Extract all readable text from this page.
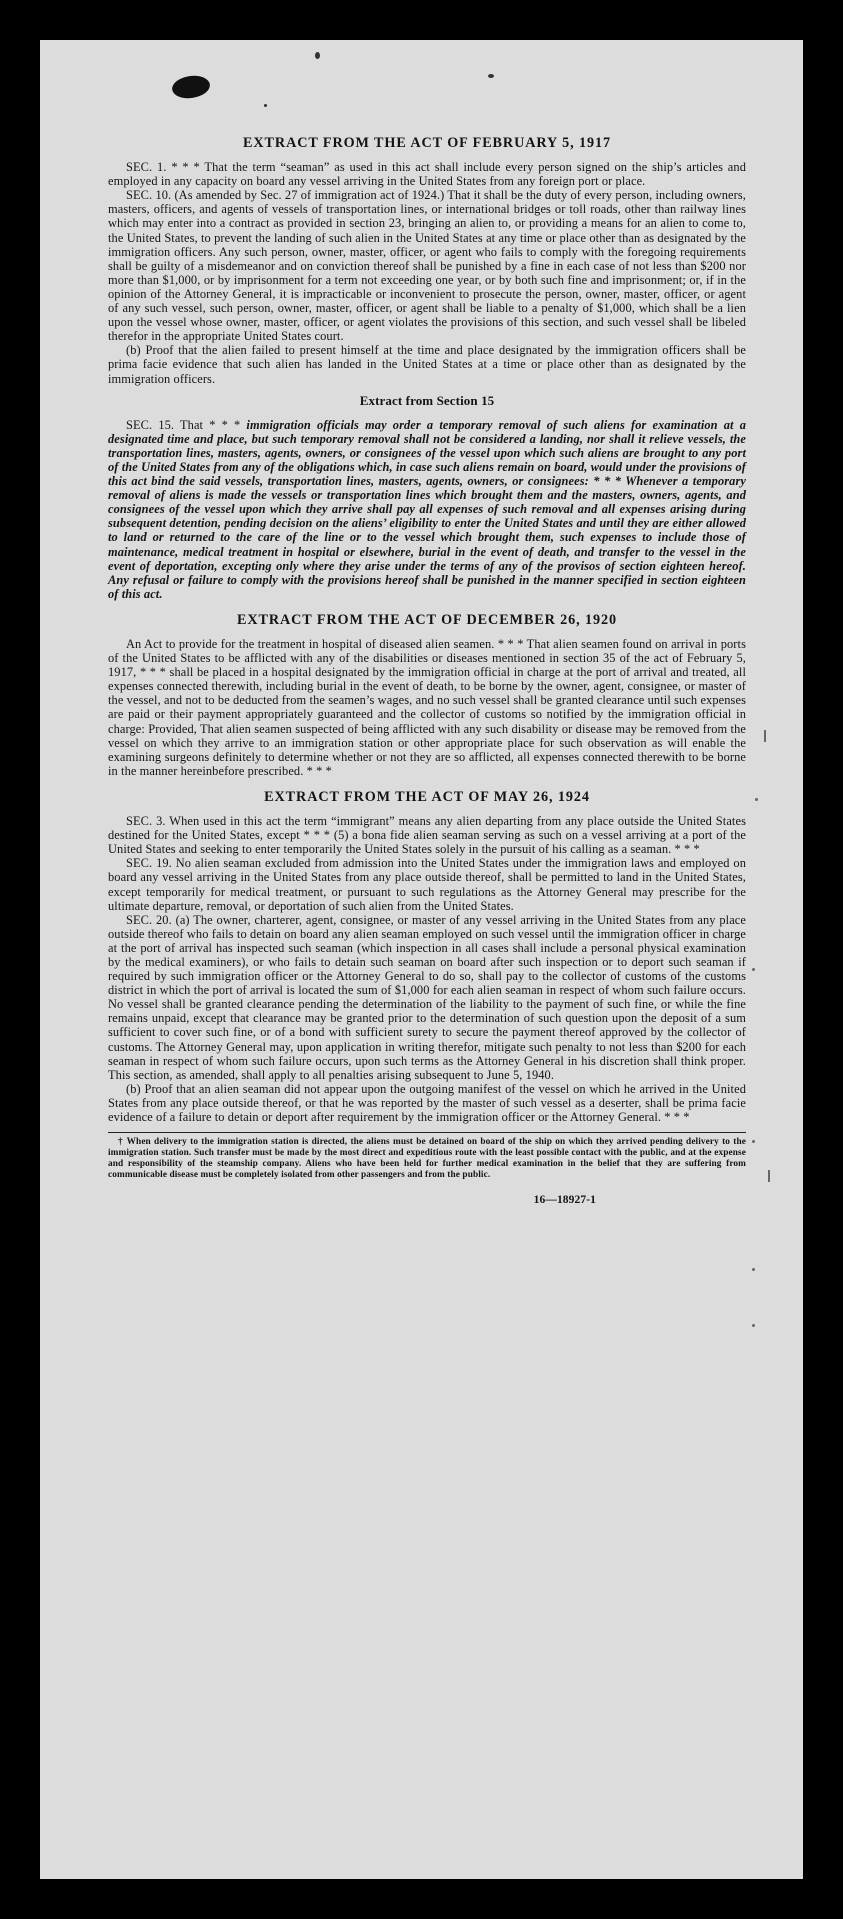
EXTRACT FROM THE ACT OF FEBRUARY 5, 1917

SEC. 1. * * * That the term “seaman” as used in this act shall include every person signed on the ship’s articles and employed in any capacity on board any vessel arriving in the United States from any foreign port or place.

SEC. 10. (As amended by Sec. 27 of immigration act of 1924.) That it shall be the duty of every person, including owners, masters, officers, and agents of vessels of transportation lines, or international bridges or toll roads, other than railway lines which may enter into a contract as provided in section 23, bringing an alien to, or providing a means for an alien to come to, the United States, to prevent the landing of such alien in the United States at any time or place other than as designated by the immigration officers. Any such person, owner, master, officer, or agent who fails to comply with the foregoing requirements shall be guilty of a misdemeanor and on conviction thereof shall be punished by a fine in each case of not less than $200 nor more than $1,000, or by imprisonment for a term not exceeding one year, or by both such fine and imprisonment; or, if in the opinion of the Attorney General, it is impracticable or inconvenient to prosecute the person, owner, master, officer, or agent of any such vessel, such person, owner, master, officer, or agent shall be liable to a penalty of $1,000, which shall be a lien upon the vessel whose owner, master, officer, or agent violates the provisions of this section, and such vessel shall be libeled therefor in the appropriate United States court.

(b) Proof that the alien failed to present himself at the time and place designated by the immigration officers shall be prima facie evidence that such alien has landed in the United States at a time or place other than as designated by the immigration officers.

Extract from Section 15

SEC. 15. That * * * immigration officials may order a temporary removal of such aliens for examination at a designated time and place, but such temporary removal shall not be considered a landing, nor shall it relieve vessels, the transportation lines, masters, agents, owners, or consignees of the vessel upon which such aliens are brought to any port of the United States from any of the obligations which, in case such aliens remain on board, would under the provisions of this act bind the said vessels, transportation lines, masters, agents, owners, or consignees: * * * Whenever a temporary removal of aliens is made the vessels or transportation lines which brought them and the masters, owners, agents, and consignees of the vessel upon which they arrive shall pay all expenses of such removal and all expenses arising during subsequent detention, pending decision on the aliens’ eligibility to enter the United States and until they are either allowed to land or returned to the care of the line or to the vessel which brought them, such expenses to include those of maintenance, medical treatment in hospital or elsewhere, burial in the event of death, and transfer to the vessel in the event of deportation, excepting only where they arise under the terms of any of the provisos of section eighteen hereof. Any refusal or failure to comply with the provisions hereof shall be punished in the manner specified in section eighteen of this act.

EXTRACT FROM THE ACT OF DECEMBER 26, 1920

An Act to provide for the treatment in hospital of diseased alien seamen. * * * That alien seamen found on arrival in ports of the United States to be afflicted with any of the disabilities or diseases mentioned in section 35 of the act of February 5, 1917, * * * shall be placed in a hospital designated by the immigration official in charge at the port of arrival and treated, all expenses connected therewith, including burial in the event of death, to be borne by the owner, agent, consignee, or master of the vessel, and not to be deducted from the seamen’s wages, and no such vessel shall be granted clearance until such expenses are paid or their payment appropriately guaranteed and the collector of customs so notified by the immigration official in charge: Provided, That alien seamen suspected of being afflicted with any such disability or disease may be removed from the vessel on which they arrive to an immigration station or other appropriate place for such observation as will enable the examining surgeons definitely to determine whether or not they are so afflicted, all expenses connected therewith to be borne in the manner hereinbefore prescribed. * * *

EXTRACT FROM THE ACT OF MAY 26, 1924

SEC. 3. When used in this act the term “immigrant” means any alien departing from any place outside the United States destined for the United States, except * * * (5) a bona fide alien seaman serving as such on a vessel arriving at a port of the United States and seeking to enter temporarily the United States solely in the pursuit of his calling as a seaman. * * *

SEC. 19. No alien seaman excluded from admission into the United States under the immigration laws and employed on board any vessel arriving in the United States from any place outside thereof, shall be permitted to land in the United States, except temporarily for medical treatment, or pursuant to such regulations as the Attorney General may prescribe for the ultimate departure, removal, or deportation of such alien from the United States.

SEC. 20. (a) The owner, charterer, agent, consignee, or master of any vessel arriving in the United States from any place outside thereof who fails to detain on board any alien seaman employed on such vessel until the immigration officer in charge at the port of arrival has inspected such seaman (which inspection in all cases shall include a personal physical examination by the medical examiners), or who fails to detain such seaman on board after such inspection or to deport such seaman if required by such immigration officer or the Attorney General to do so, shall pay to the collector of customs of the customs district in which the port of arrival is located the sum of $1,000 for each alien seaman in respect of whom such failure occurs. No vessel shall be granted clearance pending the determination of the liability to the payment of such fine, or while the fine remains unpaid, except that clearance may be granted prior to the determination of such question upon the deposit of a sum sufficient to cover such fine, or of a bond with sufficient surety to secure the payment thereof approved by the collector of customs. The Attorney General may, upon application in writing therefor, mitigate such penalty to not less than $200 for each seaman in respect of whom such failure occurs, upon such terms as the Attorney General in his discretion shall think proper. This section, as amended, shall apply to all penalties arising subsequent to June 5, 1940.

(b) Proof that an alien seaman did not appear upon the outgoing manifest of the vessel on which he arrived in the United States from any place outside thereof, or that he was reported by the master of such vessel as a deserter, shall be prima facie evidence of a failure to detain or deport after requirement by the immigration officer or the Attorney General. * * *

† When delivery to the immigration station is directed, the aliens must be detained on board of the ship on which they arrived pending delivery to the immigration station. Such transfer must be made by the most direct and expeditious route with the least possible contact with the public, and at the expense and responsibility of the steamship company. Aliens who have been held for further medical examination in the belief that they are suffering from communicable disease must be completely isolated from other passengers and from the public.
16—18927-1
